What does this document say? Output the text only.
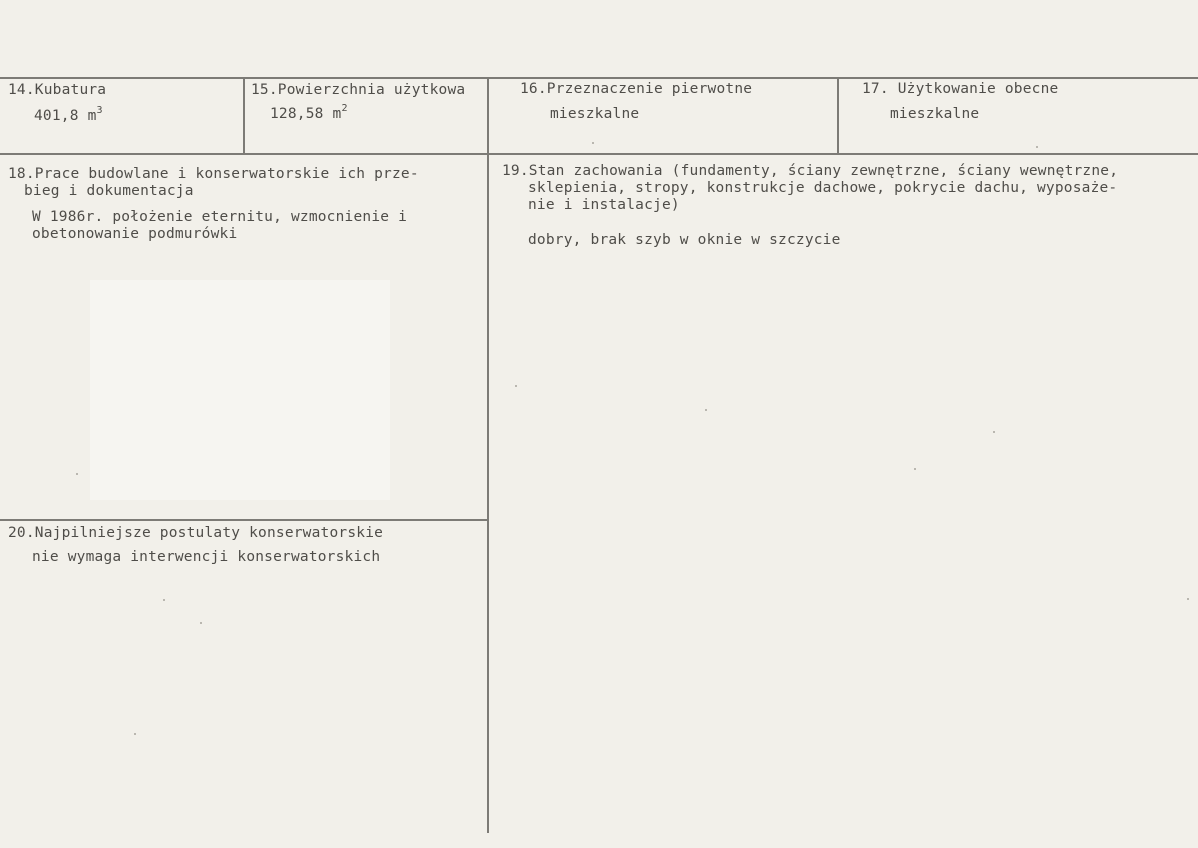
14.Kubatura
401,8 $m^3$
15.Powierzchnia użytkowa
128,58 $m^2$
16.Przeznaczenie pierwotne
mieszkalne
17. Użytkowanie obecne
mieszkalne
18.Prace budowlane i konserwatorskie ich prze-
bieg i dokumentacja
W 1986r. położenie eternitu, wzmocnienie i
obetonowanie podmurówki
19.Stan zachowania (fundamenty, ściany zewnętrzne, ściany wewnętrzne,
sklepienia, stropy, konstrukcje dachowe, pokrycie dachu, wyposaże-
nie i instalacje)
dobry, brak szyb w oknie w szczycie
20.Najpilniejsze postulaty konserwatorskie
nie wymaga interwencji konserwatorskich
